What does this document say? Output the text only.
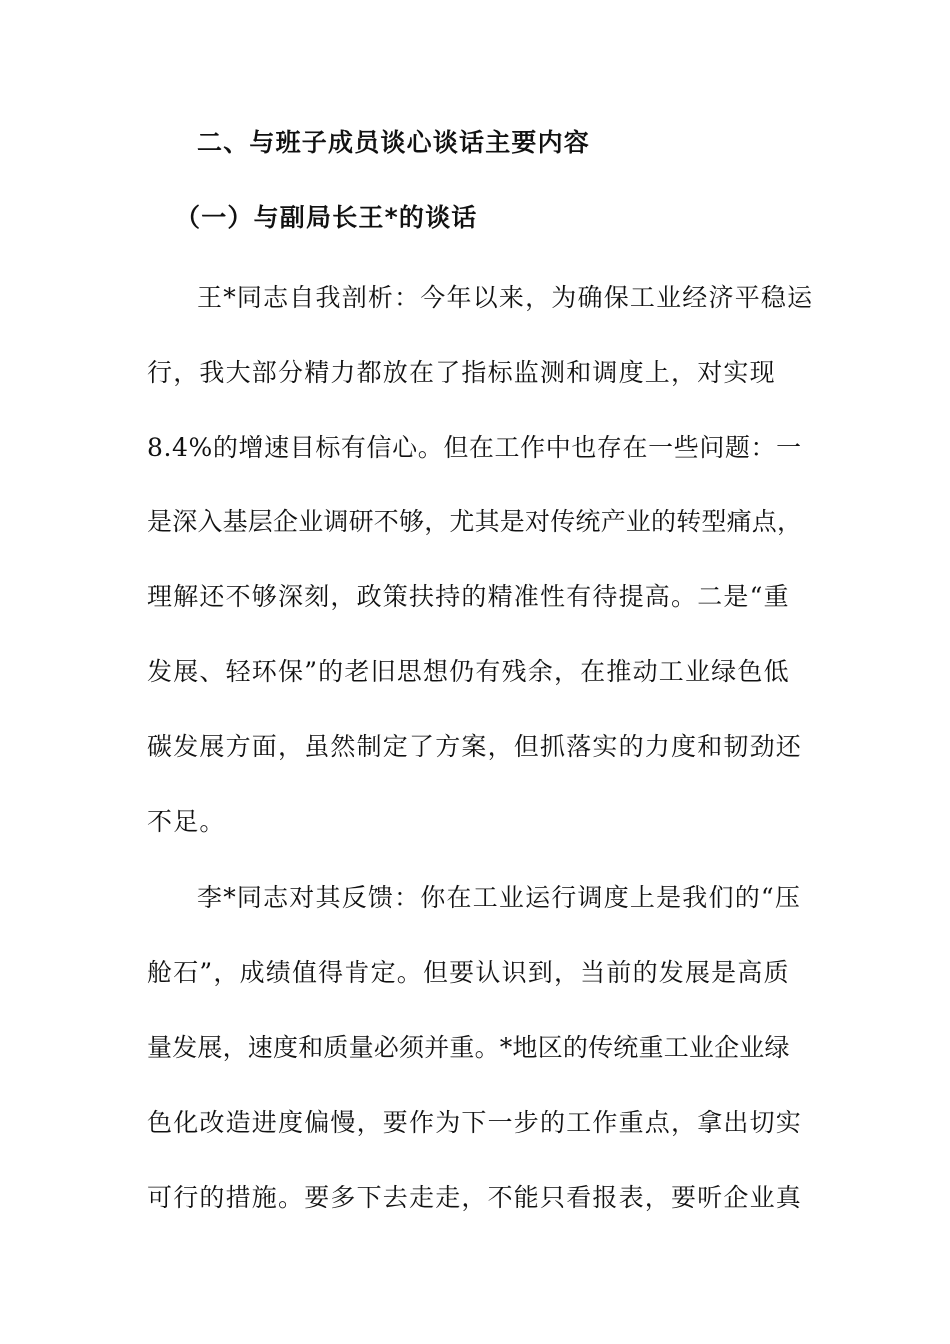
二、与班子成员谈心谈话主要内容
（一）与副局长王*的谈话
王*同志自我剖析：今年以来，为确保工业经济平稳运
行，我大部分精力都放在了指标监测和调度上，对实现
8.4%的增速目标有信心。但在工作中也存在一些问题：一
是深入基层企业调研不够，尤其是对传统产业的转型痛点，
理解还不够深刻，政策扶持的精准性有待提高。二是“重
发展、轻环保”的老旧思想仍有残余，在推动工业绿色低
碳发展方面，虽然制定了方案，但抓落实的力度和韧劲还
不足。
李*同志对其反馈：你在工业运行调度上是我们的“压
舱石”，成绩值得肯定。但要认识到，当前的发展是高质
量发展，速度和质量必须并重。*地区的传统重工业企业绿
色化改造进度偏慢，要作为下一步的工作重点，拿出切实
可行的措施。要多下去走走，不能只看报表，要听企业真
